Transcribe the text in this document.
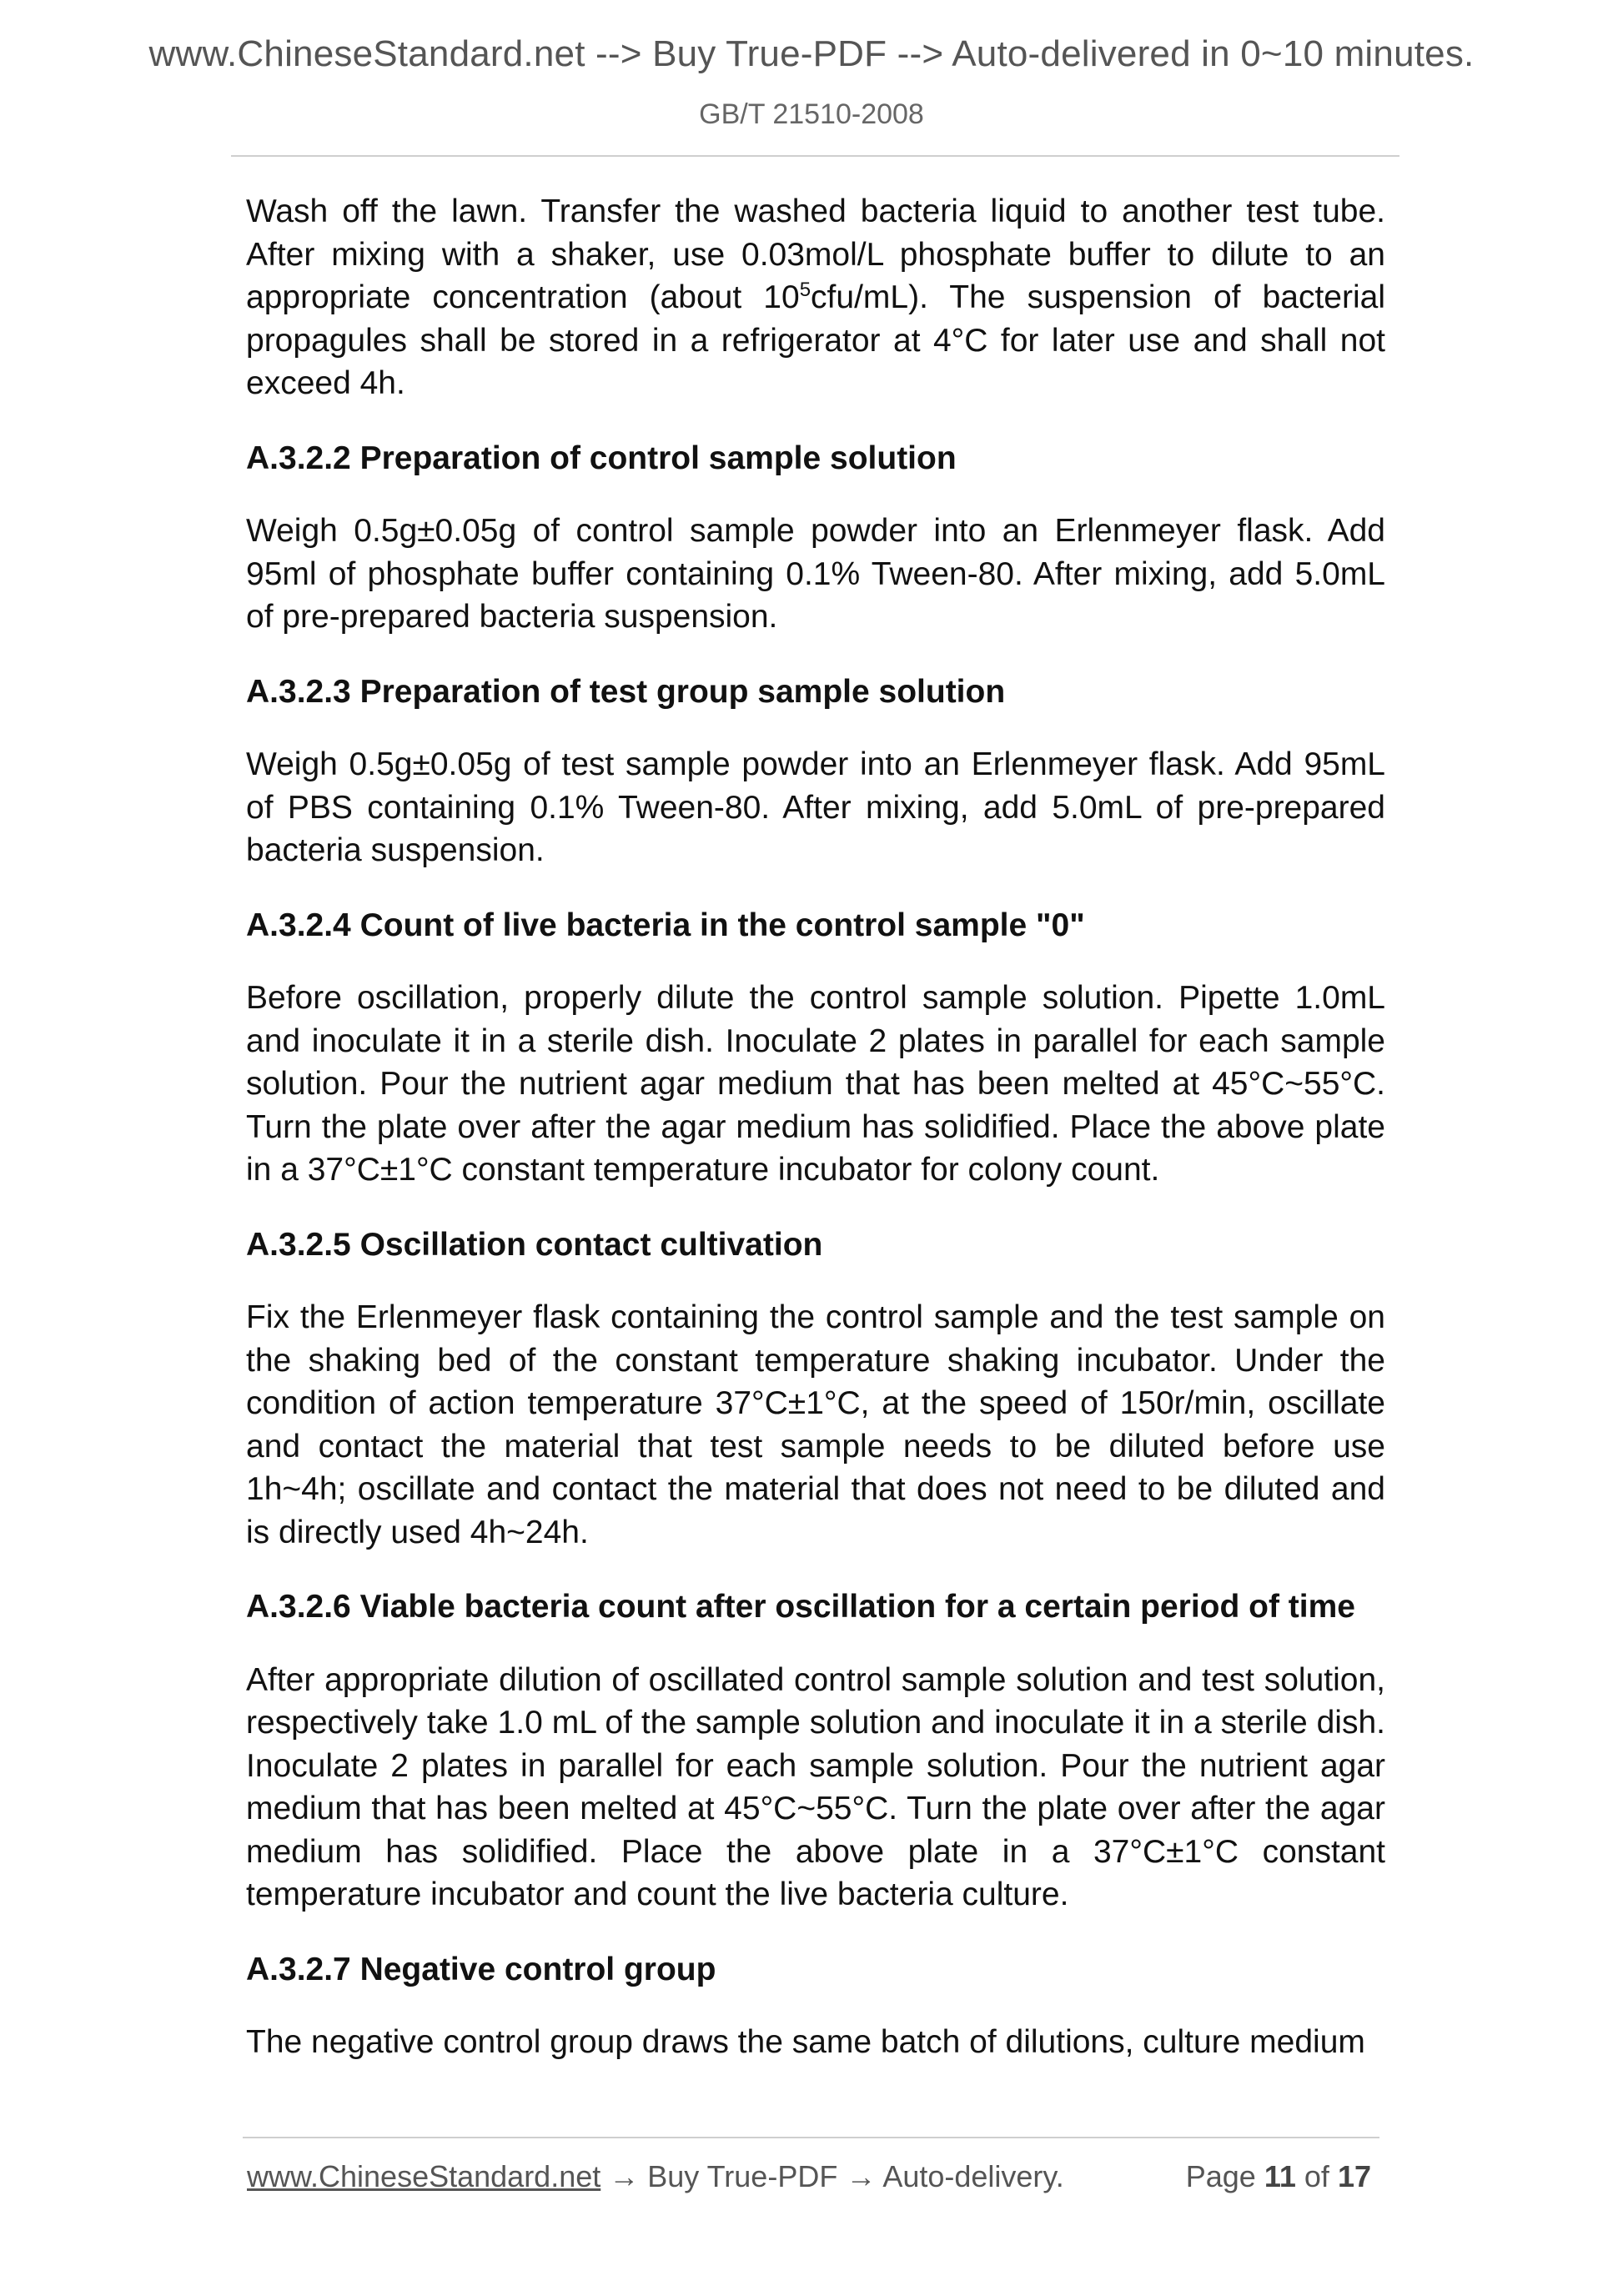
www.ChineseStandard.net --> Buy True-PDF --> Auto-delivered in 0~10 minutes.
GB/T 21510-2008

Wash off the lawn. Transfer the washed bacteria liquid to another test tube. After mixing with a shaker, use 0.03mol/L phosphate buffer to dilute to an appropriate concentration (about $10^5cfu/mL$). The suspension of bacterial propagules shall be stored in a refrigerator at 4°C for later use and shall not exceed 4h.

A.3.2.2 Preparation of control sample solution

Weigh 0.5g±0.05g of control sample powder into an Erlenmeyer flask. Add 95ml of phosphate buffer containing 0.1% Tween-80. After mixing, add 5.0mL of pre-prepared bacteria suspension.

A.3.2.3 Preparation of test group sample solution

Weigh 0.5g±0.05g of test sample powder into an Erlenmeyer flask. Add 95mL of PBS containing 0.1% Tween-80. After mixing, add 5.0mL of pre-prepared bacteria suspension.

A.3.2.4 Count of live bacteria in the control sample "0"

Before oscillation, properly dilute the control sample solution. Pipette 1.0mL and inoculate it in a sterile dish. Inoculate 2 plates in parallel for each sample solution. Pour the nutrient agar medium that has been melted at 45°C~55°C. Turn the plate over after the agar medium has solidified. Place the above plate in a 37°C±1°C constant temperature incubator for colony count.

A.3.2.5 Oscillation contact cultivation

Fix the Erlenmeyer flask containing the control sample and the test sample on the shaking bed of the constant temperature shaking incubator. Under the condition of action temperature 37°C±1°C, at the speed of 150r/min, oscillate and contact the material that test sample needs to be diluted before use 1h~4h; oscillate and contact the material that does not need to be diluted and is directly used 4h~24h.

A.3.2.6 Viable bacteria count after oscillation for a certain period of time

After appropriate dilution of oscillated control sample solution and test solution, respectively take 1.0 mL of the sample solution and inoculate it in a sterile dish. Inoculate 2 plates in parallel for each sample solution. Pour the nutrient agar medium that has been melted at 45°C~55°C. Turn the plate over after the agar medium has solidified. Place the above plate in a 37°C±1°C constant temperature incubator and count the live bacteria culture.

A.3.2.7 Negative control group

The negative control group draws the same batch of dilutions, culture medium

www.ChineseStandard.net → Buy True-PDF → Auto-delivery.	Page 11 of 17
